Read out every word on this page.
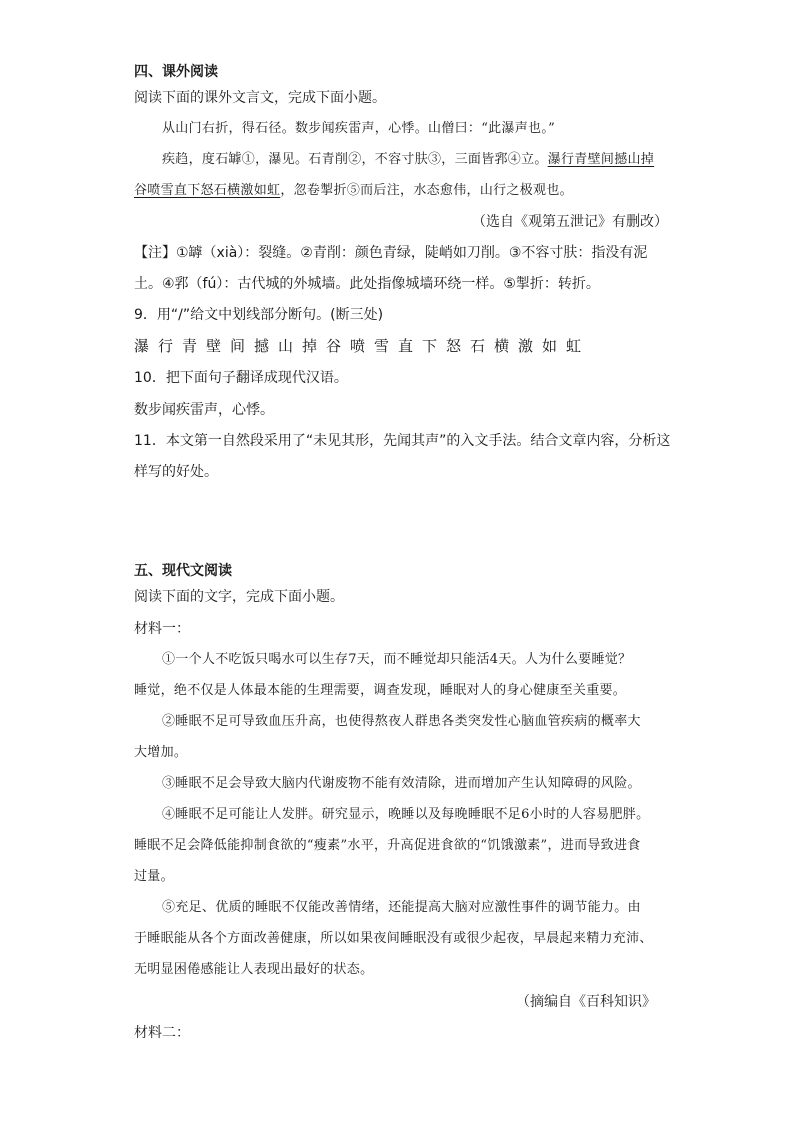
四、课外阅读
阅读下面的课外文言文，完成下面小题。
从山门右折，得石径。数步闻疾雷声，心悸。山僧曰：“此瀑声也。”
疾趋，度石罅①，瀑见。石青削②，不容寸肤③，三面皆郛④立。瀑行青壁间撼山掉
谷喷雪直下怒石横激如虹，忽卷掣折⑤而后注，水态愈伟，山行之极观也。
（选自《观第五泄记》有删改）
【注】①罅（xià）：裂缝。②青削：颜色青绿，陡峭如刀削。③不容寸肤：指没有泥
土。④郛（fú）：古代城的外城墙。此处指像城墙环绕一样。⑤掣折：转折。
9．用“/”给文中划线部分断句。(断三处)
瀑行青壁间撼山掉谷喷雪直下怒石横激如虹
10．把下面句子翻译成现代汉语。
数步闻疾雷声，心悸。
11．本文第一自然段采用了“未见其形，先闻其声”的入文手法。结合文章内容，分析这
样写的好处。
五、现代文阅读
阅读下面的文字，完成下面小题。
材料一：
①一个人不吃饭只喝水可以生存7天，而不睡觉却只能活4天。人为什么要睡觉？
睡觉，绝不仅是人体最本能的生理需要，调查发现，睡眠对人的身心健康至关重要。
②睡眠不足可导致血压升高，也使得熬夜人群患各类突发性心脑血管疾病的概率大
大增加。
③睡眠不足会导致大脑内代谢废物不能有效清除，进而增加产生认知障碍的风险。
④睡眠不足可能让人发胖。研究显示，晚睡以及每晚睡眠不足6小时的人容易肥胖。
睡眠不足会降低能抑制食欲的“瘦素”水平，升高促进食欲的“饥饿激素”，进而导致进食
过量。
⑤充足、优质的睡眠不仅能改善情绪，还能提高大脑对应激性事件的调节能力。由
于睡眠能从各个方面改善健康，所以如果夜间睡眠没有或很少起夜，早晨起来精力充沛、
无明显困倦感能让人表现出最好的状态。
（摘编自《百科知识》
材料二：
